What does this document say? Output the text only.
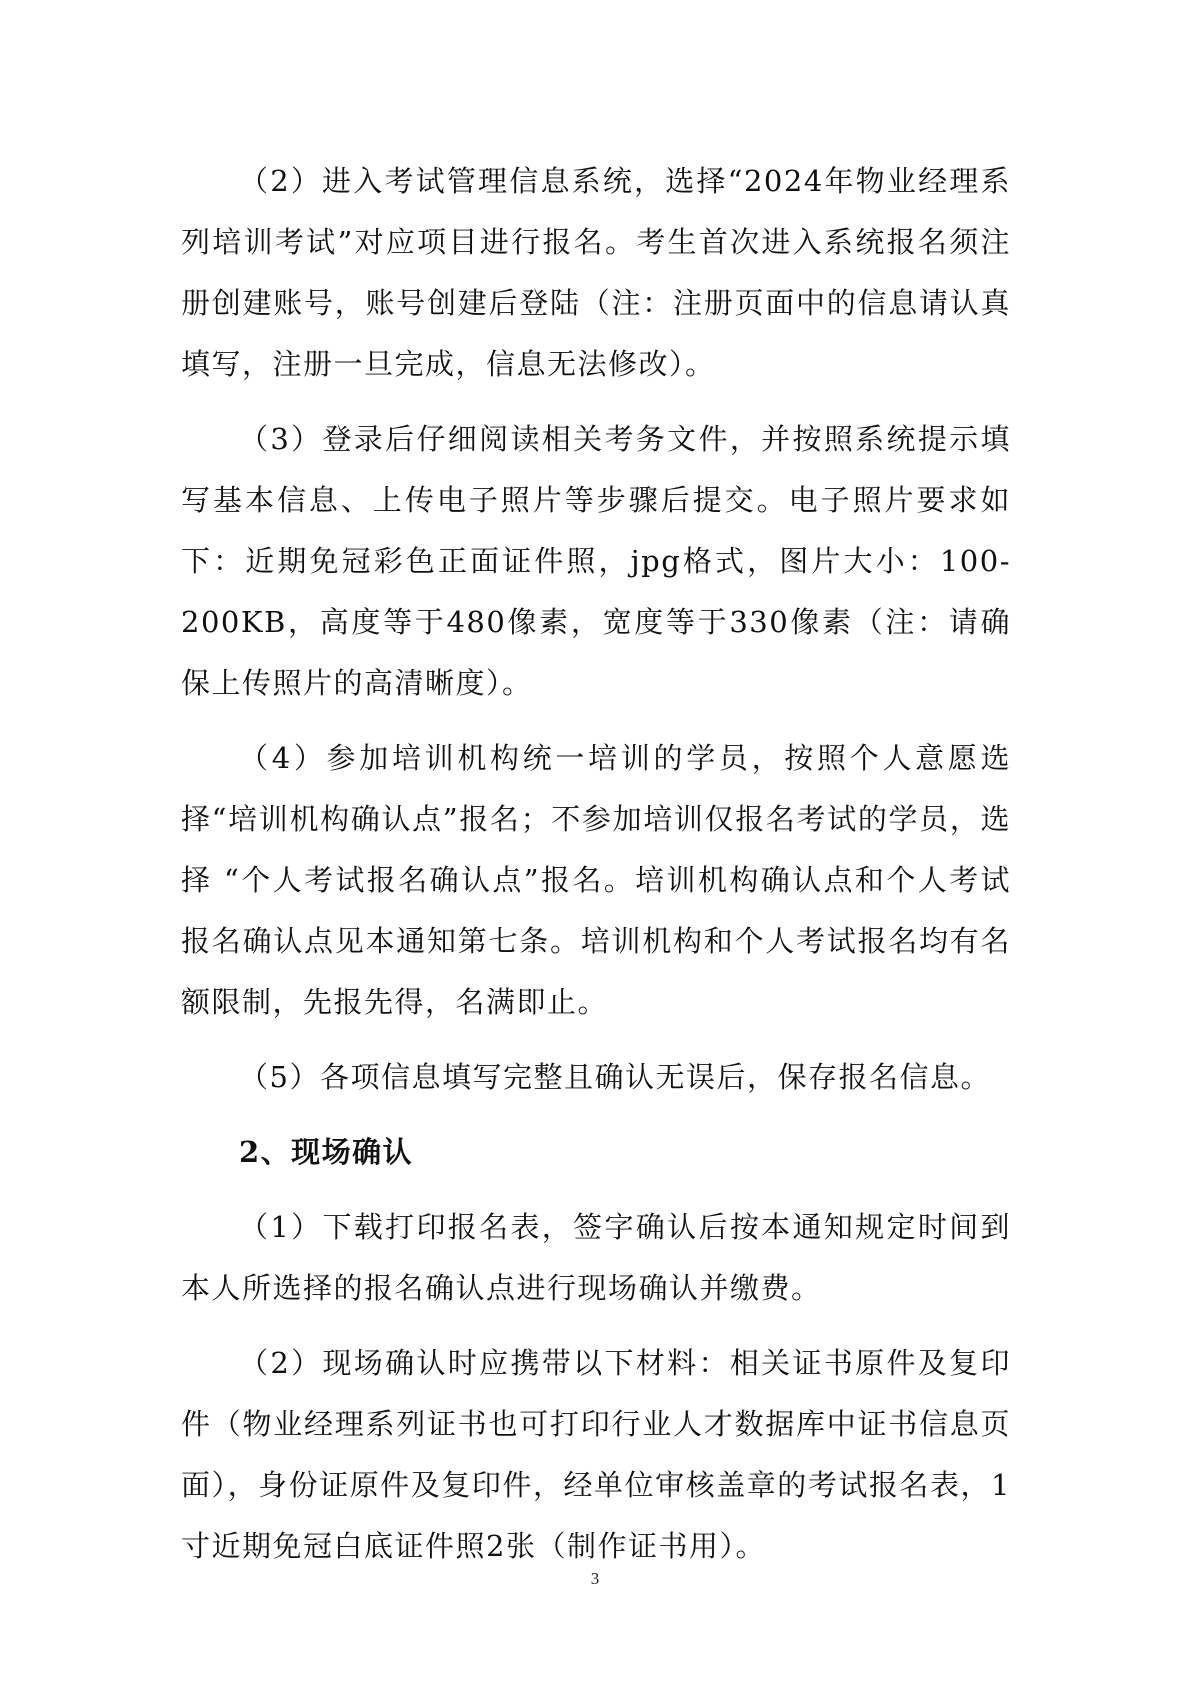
（2）进入考试管理信息系统，选择“2024年物业经理系列培训考试”对应项目进行报名。考生首次进入系统报名须注册创建账号，账号创建后登陆（注：注册页面中的信息请认真填写，注册一旦完成，信息无法修改）。

（3）登录后仔细阅读相关考务文件，并按照系统提示填写基本信息、上传电子照片等步骤后提交。电子照片要求如下：近期免冠彩色正面证件照，jpg格式，图片大小：100-200KB，高度等于480像素，宽度等于330像素（注：请确保上传照片的高清晰度）。

（4）参加培训机构统一培训的学员，按照个人意愿选择“培训机构确认点”报名；不参加培训仅报名考试的学员，选择 “个人考试报名确认点”报名。培训机构确认点和个人考试报名确认点见本通知第七条。培训机构和个人考试报名均有名额限制，先报先得，名满即止。

（5）各项信息填写完整且确认无误后，保存报名信息。

2、现场确认

（1）下载打印报名表，签字确认后按本通知规定时间到本人所选择的报名确认点进行现场确认并缴费。

（2）现场确认时应携带以下材料：相关证书原件及复印件（物业经理系列证书也可打印行业人才数据库中证书信息页面），身份证原件及复印件，经单位审核盖章的考试报名表，1寸近期免冠白底证件照2张（制作证书用）。

3
